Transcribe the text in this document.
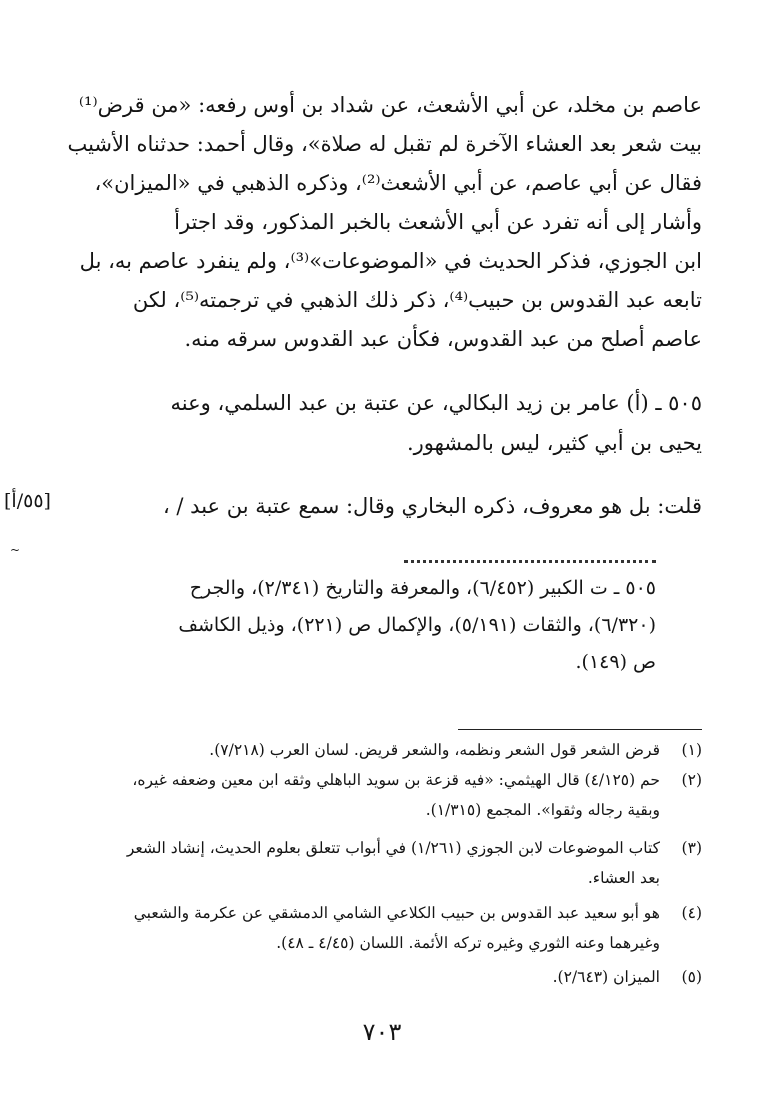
عاصم بن مخلد، عن أبي الأشعث، عن شداد بن أوس رفعه: «من قرض⁽¹⁾
بيت شعر بعد العشاء الآخرة لم تقبل له صلاة»، وقال أحمد: حدثناه الأشيب
فقال عن أبي عاصم، عن أبي الأشعث⁽²⁾، وذكره الذهبي في «الميزان»،
وأشار إلى أنه تفرد عن أبي الأشعث بالخبر المذكور، وقد اجترأ
ابن الجوزي، فذكر الحديث في «الموضوعات»⁽³⁾، ولم ينفرد عاصم به، بل
تابعه عبد القدوس بن حبيب⁽⁴⁾، ذكر ذلك الذهبي في ترجمته⁽⁵⁾، لكن
عاصم أصلح من عبد القدوس، فكأن عبد القدوس سرقه منه.
٥٠٥ ـ (أ) عامر بن زيد البكالي، عن عتبة بن عبد السلمي، وعنه
يحيى بن أبي كثير، ليس بالمشهور.
قلت: بل هو معروف، ذكره البخاري وقال: سمع عتبة بن عبد / ،
[٥٥/أ]
~
٥٠٥ ـ ت الكبير (٦/٤٥٢)، والمعرفة والتاريخ (٢/٣٤١)، والجرح
(٦/٣٢٠)، والثقات (٥/١٩١)، والإكمال ص (٢٢١)، وذيل الكاشف
ص (١٤٩).
(١)
قرض الشعر قول الشعر ونظمه، والشعر قريض. لسان العرب (٧/٢١٨).
(٢)
حم (٤/١٢٥) قال الهيثمي: «فيه قزعة بن سويد الباهلي وثقه ابن معين وضعفه غيره،
وبقية رجاله وثقوا». المجمع (١/٣١٥).
(٣)
كتاب الموضوعات لابن الجوزي (١/٢٦١) في أبواب تتعلق بعلوم الحديث، إنشاد الشعر
بعد العشاء.
(٤)
هو أبو سعيد عبد القدوس بن حبيب الكلاعي الشامي الدمشقي عن عكرمة والشعبي
وغيرهما وعنه الثوري وغيره تركه الأئمة. اللسان (٤/٤٥ ـ ٤٨).
(٥)
الميزان (٢/٦٤٣).
٧٠٣
